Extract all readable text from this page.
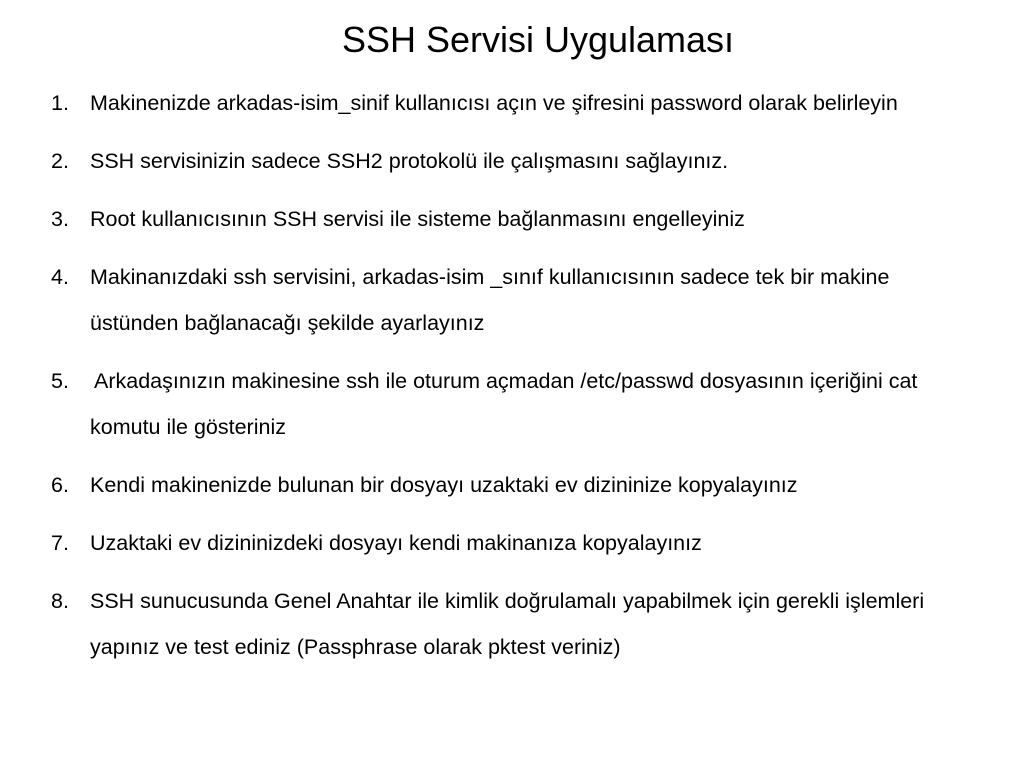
SSH Servisi Uygulaması
1. Makinenizde arkadas-isim_sinif kullanıcısı açın ve şifresini password olarak belirleyin
2. SSH servisinizin sadece SSH2 protokolü ile çalışmasını sağlayınız.
3. Root kullanıcısının SSH servisi ile sisteme bağlanmasını engelleyiniz
4. Makinanızdaki ssh servisini, arkadas-isim _sınıf kullanıcısının sadece tek bir makine üstünden bağlanacağı şekilde ayarlayınız
5. Arkadaşınızın makinesine ssh ile oturum açmadan /etc/passwd dosyasının içeriğini cat komutu ile gösteriniz
6. Kendi makinenizde bulunan bir dosyayı uzaktaki ev dizininize kopyalayınız
7. Uzaktaki ev dizininizdeki dosyayı kendi makinanıza kopyalayınız
8. SSH sunucusunda Genel Anahtar ile kimlik doğrulamalı yapabilmek için gerekli işlemleri yapınız ve test ediniz (Passphrase olarak pktest veriniz)
